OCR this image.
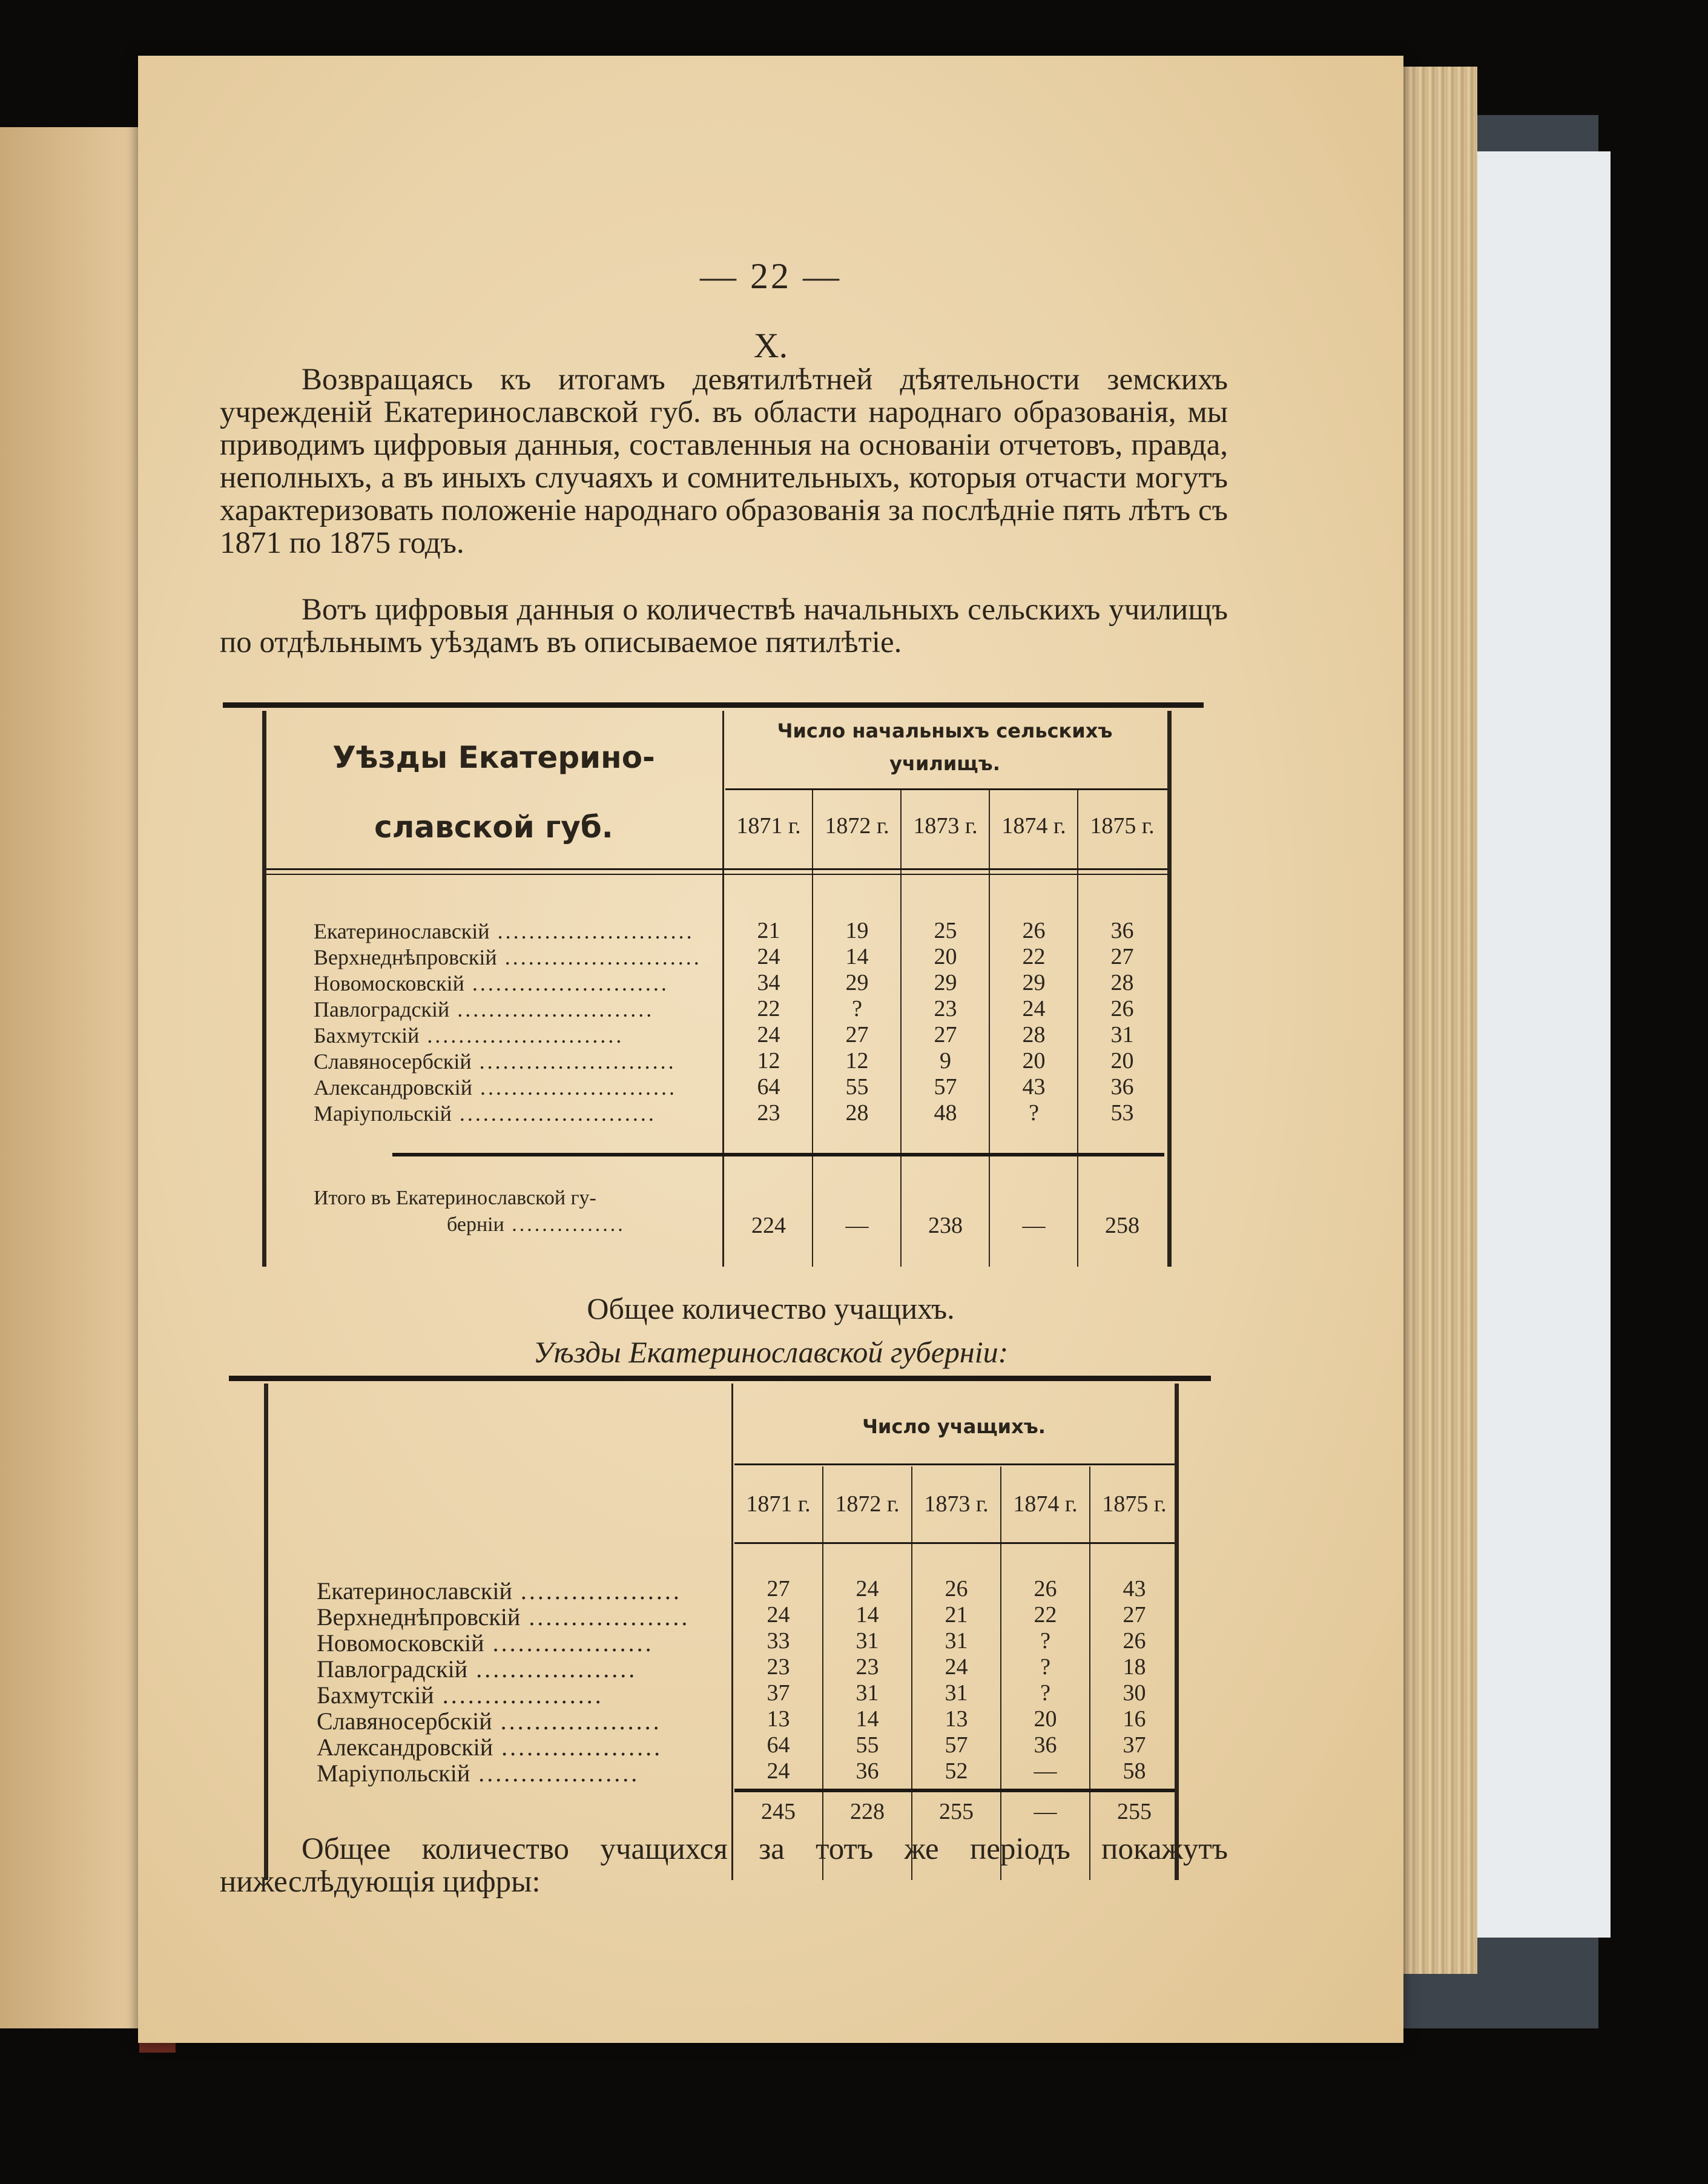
— 22 —
X.
Возвращаясь къ итогамъ девятилѣтней дѣятельности земскихъ учрежденій Екатеринославской губ. въ области народнаго образованія, мы приводимъ цифровыя данныя, составленныя на основаніи отчетовъ, правда, неполныхъ, а въ иныхъ случаяхъ и сомнительныхъ, которыя отчасти могутъ характеризовать положеніе народнаго образованія за послѣдніе пять лѣтъ съ 1871 по 1875 годъ.
Вотъ цифровыя данныя о количествѣ начальныхъ сельскихъ училищъ по отдѣльнымъ уѣздамъ въ описываемое пятилѣтіе.
Уѣзды Екатерино-
славской губ.
Число начальныхъ сельскихъ
училищъ.
1871 г.	1872 г.	1873 г.	1874 г.	1875 г.
Екатеринославскій .........................	21	19	25	26	36
Верхнеднѣпровскій .........................	24	14	20	22	27
Новомосковскій .........................	34	29	29	29	28
Павлоградскій .........................	22	?	23	24	26
Бахмутскій .........................	24	27	27	28	31
Славяносербскій .........................	12	12	9	20	20
Александровскій .........................	64	55	57	43	36
Маріупольскій .........................	23	28	48	?	53
Итого въ Екатеринославской гу-
берніи ...............	224	—	238	—	258
Общее количество учащихъ.
Уѣзды Екатеринославской губерніи:
Число учащихъ.
1871 г.	1872 г.	1873 г.	1874 г.	1875 г.
Екатеринославскій ...................	27	24	26	26	43
Верхнеднѣпровскій ...................	24	14	21	22	27
Новомосковскій ...................	33	31	31	?	26
Павлоградскій ...................	23	23	24	?	18
Бахмутскій ...................	37	31	31	?	30
Славяносербскій ...................	13	14	13	20	16
Александровскій ...................	64	55	57	36	37
Маріупольскій ...................	24	36	52	—	58
245	228	255	—	255
Общее количество учащихся за тотъ же періодъ покажутъ нижеслѣдующія цифры:
